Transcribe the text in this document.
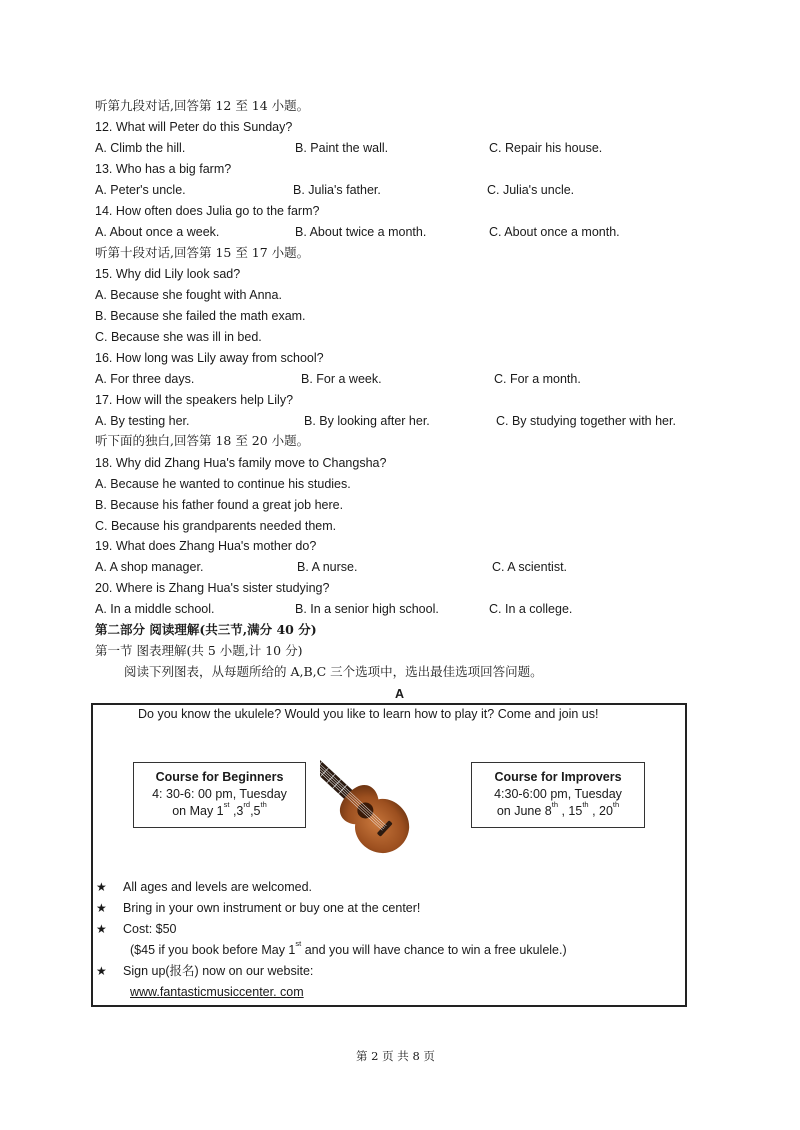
听第九段对话,回答第 12 至 14 小题。
12. What will Peter do this Sunday?
A. Climb the hill.	B. Paint the wall.	C. Repair his house.
13. Who has a big farm?
A. Peter's uncle.	B. Julia's father.	C. Julia's uncle.
14. How often does Julia go to the farm?
A. About once a week.	B. About twice a month.	C. About once a month.
听第十段对话,回答第 15 至 17 小题。
15. Why did Lily look sad?
A. Because she fought with Anna.
B. Because she failed the math exam.
C. Because she was ill in bed.
16. How long was Lily away from school?
A. For three days.	B. For a week.	C. For a month.
17. How will the speakers help Lily?
A. By testing her.	B. By looking after her.	C. By studying together with her.
听下面的独白,回答第 18 至 20 小题。
18. Why did Zhang Hua's family move to Changsha?
A. Because he wanted to continue his studies.
B. Because his father found a great job here.
C. Because his grandparents needed them.
19. What does Zhang Hua's mother do?
A. A shop manager.	B. A nurse.	C. A scientist.
20. Where is Zhang Hua's sister studying?
A. In a middle school.	B. In a senior high school.	C. In a college.
第二部分 阅读理解(共三节,满分 40 分)
第一节 图表理解(共 5 小题,计 10 分)
阅读下列图表，从每题所给的 A,B,C 三个选项中，选出最佳选项回答问题。
A
Do you know the ukulele? Would you like to learn how to play it? Come and join us!
Course for Beginners
4: 30-6: 00 pm, Tuesday
on May 1st ,3rd,5th
Course for Improvers
4:30-6:00 pm, Tuesday
on June 8th , 15th , 20th
★ All ages and levels are welcomed.
★ Bring in your own instrument or buy one at the center!
★ Cost: $50
($45 if you book before May 1st and you will have chance to win a free ukulele.)
★ Sign up(报名) now on our website:
www.fantasticmusiccenter. com
第 2 页 共 8 页
